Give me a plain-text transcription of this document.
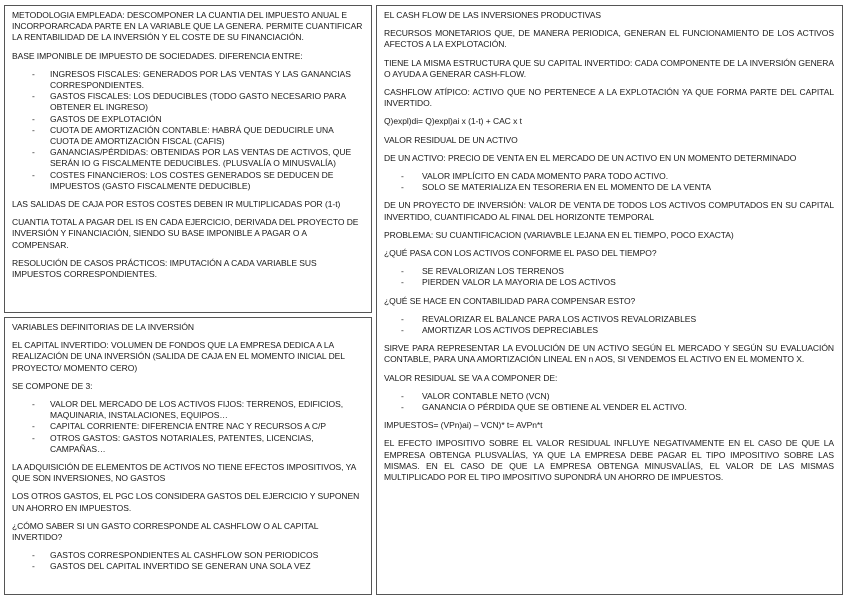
METODOLOGIA EMPLEADA: DESCOMPONER LA CUANTIA DEL IMPUESTO ANUAL E INCORPORARCADA PARTE EN LA VARIABLE QUE LA GENERA. PERMITE CUANTIFICAR LA RENTABILIDAD DE LA INVERSIÓN Y EL COSTE DE SU FINANCIACIÓN.

BASE IMPONIBLE DE IMPUESTO DE SOCIEDADES. DIFERENCIA ENTRE:

- INGRESOS FISCALES: GENERADOS POR LAS VENTAS Y LAS GANANCIAS CORRESPONDIENTES.
- GASTOS FISCALES: LOS DEDUCIBLES (TODO GASTO NECESARIO PARA OBTENER EL INGRESO)
- GASTOS DE EXPLOTACIÓN
- CUOTA DE AMORTIZACIÓN CONTABLE: HABRÁ QUE DEDUCIRLE UNA CUOTA DE AMORTIZACIÓN FISCAL (CAFIS)
- GANANCIAS/PÉRDIDAS: OBTENIDAS POR LAS VENTAS DE ACTIVOS, QUE SERÁN IO G FISCALMENTE DEDUCIBLES. (PLUSVALÍA O MINUSVALÍA)
- COSTES FINANCIEROS: LOS COSTES GENERADOS SE DEDUCEN DE IMPUESTOS (GASTO FISCALMENTE DEDUCIBLE)

LAS SALIDAS DE CAJA POR ESTOS COSTES DEBEN IR MULTIPLICADAS POR (1-t)

CUANTIA TOTAL A PAGAR DEL IS EN CADA EJERCICIO, DERIVADA DEL PROYECTO DE INVERSIÓN Y FINANCIACIÓN, SIENDO SU BASE IMPONIBLE A PAGAR O A COMPENSAR.

RESOLUCIÓN DE CASOS PRÁCTICOS: IMPUTACIÓN A CADA VARIABLE SUS IMPUESTOS CORRESPONDIENTES.

VARIABLES DEFINITORIAS DE LA INVERSIÓN

EL CAPITAL INVERTIDO: VOLUMEN DE FONDOS QUE LA EMPRESA DEDICA A LA REALIZACIÓN DE UNA INVERSIÓN (SALIDA DE CAJA EN EL MOMENTO INICIAL DEL PROYECTO/ MOMENTO CERO)

SE COMPONE DE 3:

- VALOR DEL MERCADO DE LOS ACTIVOS FIJOS: TERRENOS, EDIFICIOS, MAQUINARIA, INSTALACIONES, EQUIPOS…
- CAPITAL CORRIENTE: DIFERENCIA ENTRE NAC Y RECURSOS A C/P
- OTROS GASTOS: GASTOS NOTARIALES, PATENTES, LICENCIAS, CAMPAÑAS…

LA ADQUISICIÓN DE ELEMENTOS DE ACTIVOS NO TIENE EFECTOS IMPOSITIVOS, YA QUE SON INVERSIONES, NO GASTOS

LOS OTROS GASTOS, EL PGC LOS CONSIDERA GASTOS DEL EJERCICIO Y SUPONEN UN AHORRO EN IMPUESTOS.

¿CÓMO SABER SI UN GASTO CORRESPONDE AL CASHFLOW O AL CAPITAL INVERTIDO?

- GASTOS CORRESPONDIENTES AL CASHFLOW SON PERIODICOS
- GASTOS DEL CAPITAL INVERTIDO SE GENERAN UNA SOLA VEZ

EL CASH FLOW DE LAS INVERSIONES PRODUCTIVAS

RECURSOS MONETARIOS QUE, DE MANERA PERIODICA, GENERAN EL FUNCIONAMIENTO DE LOS ACTIVOS AFECTOS A LA EXPLOTACIÓN.

TIENE LA MISMA ESTRUCTURA QUE SU CAPITAL INVERTIDO: CADA COMPONENTE DE LA INVERSIÓN GENERA O AYUDA A GENERAR CASH-FLOW.

CASHFLOW ATÍPICO: ACTIVO QUE NO PERTENECE A LA EXPLOTACIÓN YA QUE FORMA PARTE DEL CAPITAL INVERTIDO.

Q)expl)di= Q)expl)ai x (1-t) + CAC x t

VALOR RESIDUAL DE UN ACTIVO

DE UN ACTIVO: PRECIO DE VENTA EN EL MERCADO DE UN ACTIVO EN UN MOMENTO DETERMINADO

- VALOR IMPLÍCITO EN CADA MOMENTO PARA TODO ACTIVO.
- SOLO SE MATERIALIZA EN TESORERIA EN EL MOMENTO DE LA VENTA

DE UN PROYECTO DE INVERSIÓN: VALOR DE VENTA DE TODOS LOS ACTIVOS COMPUTADOS EN SU CAPITAL INVERTIDO, CUANTIFICADO AL FINAL DEL HORIZONTE TEMPORAL

PROBLEMA: SU CUANTIFICACION (VARIAVBLE LEJANA EN EL TIEMPO, POCO EXACTA)

¿QUÉ PASA CON LOS ACTIVOS CONFORME EL PASO DEL TIEMPO?

- SE REVALORIZAN LOS TERRENOS
- PIERDEN VALOR LA MAYORIA DE LOS ACTIVOS

¿QUÉ SE HACE EN CONTABILIDAD PARA COMPENSAR ESTO?

- REVALORIZAR EL BALANCE PARA LOS ACTIVOS REVALORIZABLES
- AMORTIZAR LOS ACTIVOS DEPRECIABLES

SIRVE PARA REPRESENTAR LA EVOLUCIÓN DE UN ACTIVO SEGÚN EL MERCADO Y SEGÚN SU EVALUACIÓN CONTABLE, PARA UNA AMORTIZACIÓN LINEAL EN n AOS, SI VENDEMOS EL ACTIVO EN EL MOMENTO X.

VALOR RESIDUAL SE VA A COMPONER DE:

- VALOR CONTABLE NETO (VCN)
- GANANCIA O PÉRDIDA QUE SE OBTIENE AL VENDER EL ACTIVO.

IMPUESTOS= (VPn)ai) – VCN)* t= AVPn*t

EL EFECTO IMPOSITIVO SOBRE EL VALOR RESIDUAL INFLUYE NEGATIVAMENTE EN EL CASO DE QUE LA EMPRESA OBTENGA PLUSVALÍAS, YA QUE LA EMPRESA DEBE PAGAR EL TIPO IMPOSITIVO SOBRE LAS MISMAS. EN EL CASO DE QUE LA EMPRESA OBTENGA MINUSVALÍAS, EL VALOR DE LAS MISMAS MULTIPLICADO POR EL TIPO IMPOSITIVO SUPONDRÁ UN AHORRO DE IMPUESTOS.
